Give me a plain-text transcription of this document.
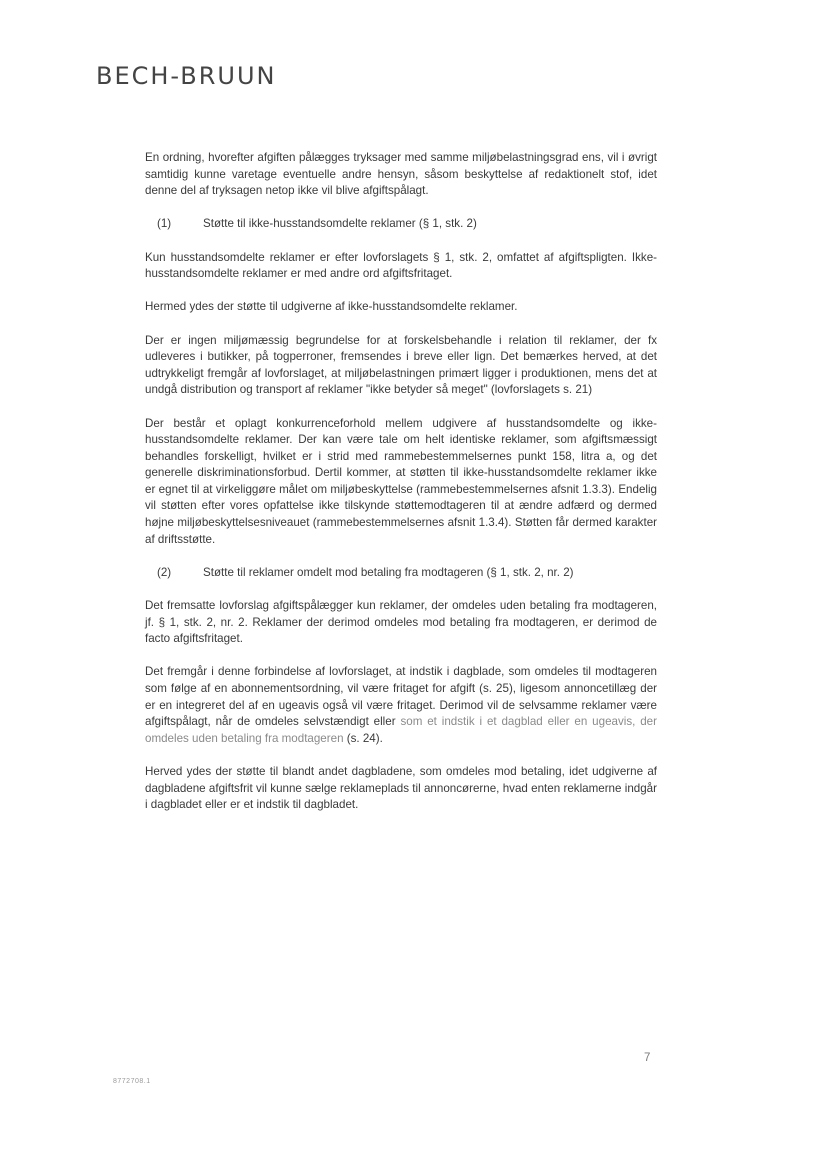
BECH-BRUUN

En ordning, hvorefter afgiften pålægges tryksager med samme miljøbelastningsgrad ens, vil i øvrigt samtidig kunne varetage eventuelle andre hensyn, såsom beskyttelse af redaktionelt stof, idet denne del af tryksagen netop ikke vil blive afgiftspålagt.

(1)	Støtte til ikke-husstandsomdelte reklamer (§ 1, stk. 2)

Kun husstandsomdelte reklamer er efter lovforslagets § 1, stk. 2, omfattet af afgiftspligten. Ikke-husstandsomdelte reklamer er med andre ord afgiftsfritaget.

Hermed ydes der støtte til udgiverne af ikke-husstandsomdelte reklamer.

Der er ingen miljømæssig begrundelse for at forskelsbehandle i relation til reklamer, der fx udleveres i butikker, på togperroner, fremsendes i breve eller lign. Det bemærkes herved, at det udtrykkeligt fremgår af lovforslaget, at miljøbelastningen primært ligger i produktionen, mens det at undgå distribution og transport af reklamer "ikke betyder så meget" (lovforslagets s. 21)

Der består et oplagt konkurrenceforhold mellem udgivere af husstandsomdelte og ikke-husstandsomdelte reklamer. Der kan være tale om helt identiske reklamer, som afgiftsmæssigt behandles forskelligt, hvilket er i strid med rammebestemmelsernes punkt 158, litra a, og det generelle diskriminationsforbud. Dertil kommer, at støtten til ikke-husstandsomdelte reklamer ikke er egnet til at virkeliggøre målet om miljøbeskyttelse (rammebestemmelsernes afsnit 1.3.3). Endelig vil støtten efter vores opfattelse ikke tilskynde støttemodtageren til at ændre adfærd og dermed højne miljøbeskyttelsesniveauet (rammebestemmelsernes afsnit 1.3.4). Støtten får dermed karakter af driftsstøtte.

(2)	Støtte til reklamer omdelt mod betaling fra modtageren (§ 1, stk. 2, nr. 2)

Det fremsatte lovforslag afgiftspålægger kun reklamer, der omdeles uden betaling fra modtageren, jf. § 1, stk. 2, nr. 2. Reklamer der derimod omdeles mod betaling fra modtageren, er derimod de facto afgiftsfritaget.

Det fremgår i denne forbindelse af lovforslaget, at indstik i dagblade, som omdeles til modtageren som følge af en abonnementsordning, vil være fritaget for afgift (s. 25), ligesom annoncetillæg der er en integreret del af en ugeavis også vil være fritaget. Derimod vil de selvsamme reklamer være afgiftspålagt, når de omdeles selvstændigt eller som et indstik i et dagblad eller en ugeavis, der omdeles uden betaling fra modtageren (s. 24).

Herved ydes der støtte til blandt andet dagbladene, som omdeles mod betaling, idet udgiverne af dagbladene afgiftsfrit vil kunne sælge reklameplads til annoncørerne, hvad enten reklamerne indgår i dagbladet eller er et indstik til dagbladet.

7
8772708.1
